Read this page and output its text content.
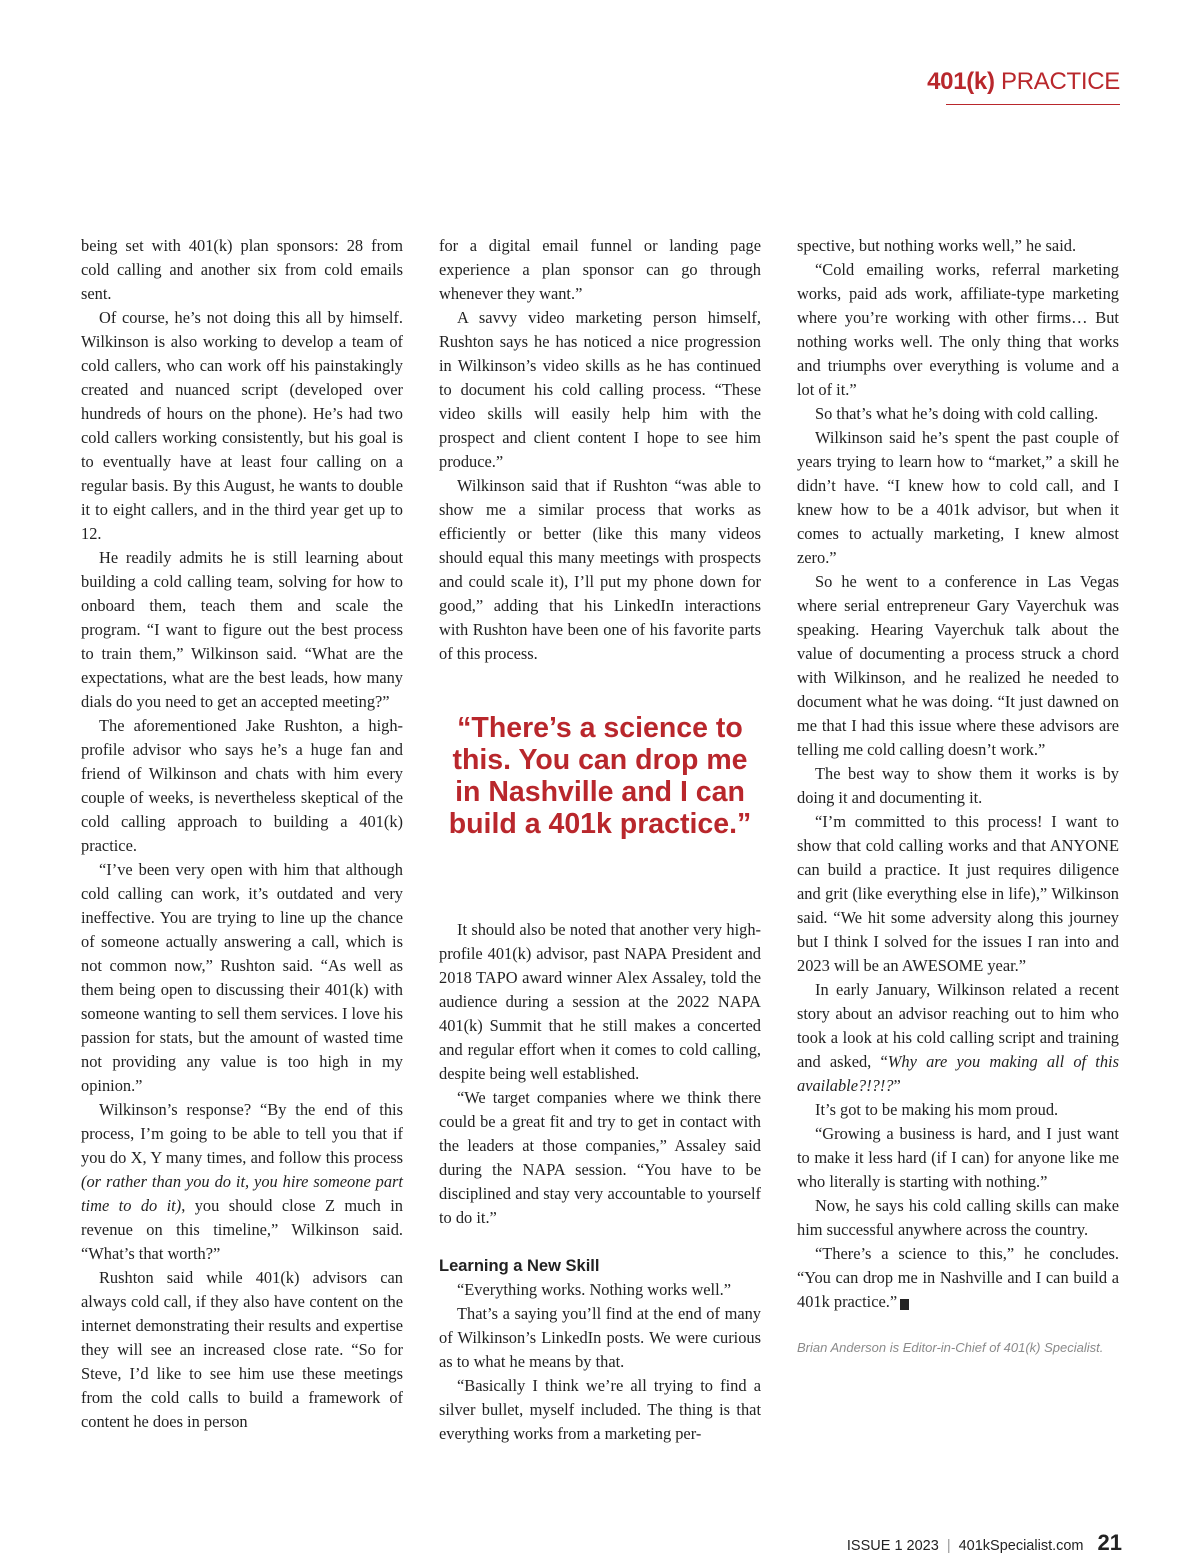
401(k) PRACTICE

being set with 401(k) plan sponsors: 28 from cold calling and another six from cold emails sent.

Of course, he’s not doing this all by himself. Wilkinson is also working to develop a team of cold callers, who can work off his painstakingly created and nuanced script (developed over hundreds of hours on the phone). He’s had two cold callers working consistently, but his goal is to eventually have at least four calling on a regular basis. By this August, he wants to double it to eight callers, and in the third year get up to 12.

He readily admits he is still learning about building a cold calling team, solving for how to onboard them, teach them and scale the program. “I want to figure out the best process to train them,” Wilkinson said. “What are the expectations, what are the best leads, how many dials do you need to get an accepted meeting?”

The aforementioned Jake Rushton, a high-profile advisor who says he’s a huge fan and friend of Wilkinson and chats with him every couple of weeks, is nevertheless skeptical of the cold calling approach to building a 401(k) practice.

“I’ve been very open with him that although cold calling can work, it’s outdated and very ineffective. You are trying to line up the chance of someone actually answering a call, which is not common now,” Rushton said. “As well as them being open to discussing their 401(k) with someone wanting to sell them services. I love his passion for stats, but the amount of wasted time not providing any value is too high in my opinion.”

Wilkinson’s response? “By the end of this process, I’m going to be able to tell you that if you do X, Y many times, and follow this process (or rather than you do it, you hire someone part time to do it), you should close Z much in revenue on this timeline,” Wilkinson said. “What’s that worth?”

Rushton said while 401(k) advisors can always cold call, if they also have content on the internet demonstrating their results and expertise they will see an increased close rate. “So for Steve, I’d like to see him use these meetings from the cold calls to build a framework of content he does in person

for a digital email funnel or landing page experience a plan sponsor can go through whenever they want.”

A savvy video marketing person himself, Rushton says he has noticed a nice progression in Wilkinson’s video skills as he has continued to document his cold calling process. “These video skills will easily help him with the prospect and client content I hope to see him produce.”

Wilkinson said that if Rushton “was able to show me a similar process that works as efficiently or better (like this many videos should equal this many meetings with prospects and could scale it), I’ll put my phone down for good,” adding that his LinkedIn interactions with Rushton have been one of his favorite parts of this process.

“There’s a science to this. You can drop me in Nashville and I can build a 401k practice.”

It should also be noted that another very high-profile 401(k) advisor, past NAPA President and 2018 TAPO award winner Alex Assaley, told the audience during a session at the 2022 NAPA 401(k) Summit that he still makes a concerted and regular effort when it comes to cold calling, despite being well established.

“We target companies where we think there could be a great fit and try to get in contact with the leaders at those companies,” Assaley said during the NAPA session. “You have to be disciplined and stay very accountable to yourself to do it.”

Learning a New Skill

“Everything works. Nothing works well.”

That’s a saying you’ll find at the end of many of Wilkinson’s LinkedIn posts. We were curious as to what he means by that.

“Basically I think we’re all trying to find a silver bullet, myself included. The thing is that everything works from a marketing per-

spective, but nothing works well,” he said.

“Cold emailing works, referral marketing works, paid ads work, affiliate-type marketing where you’re working with other firms… But nothing works well. The only thing that works and triumphs over everything is volume and a lot of it.”

So that’s what he’s doing with cold calling.

Wilkinson said he’s spent the past couple of years trying to learn how to “market,” a skill he didn’t have. “I knew how to cold call, and I knew how to be a 401k advisor, but when it comes to actually marketing, I knew almost zero.”

So he went to a conference in Las Vegas where serial entrepreneur Gary Vayerchuk was speaking. Hearing Vayerchuk talk about the value of documenting a process struck a chord with Wilkinson, and he realized he needed to document what he was doing. “It just dawned on me that I had this issue where these advisors are telling me cold calling doesn’t work.”

The best way to show them it works is by doing it and documenting it.

“I’m committed to this process! I want to show that cold calling works and that ANYONE can build a practice. It just requires diligence and grit (like everything else in life),” Wilkinson said. “We hit some adversity along this journey but I think I solved for the issues I ran into and 2023 will be an AWESOME year.”

In early January, Wilkinson related a recent story about an advisor reaching out to him who took a look at his cold calling script and training and asked, “Why are you making all of this available?!?!?”

It’s got to be making his mom proud.

“Growing a business is hard, and I just want to make it less hard (if I can) for anyone like me who literally is starting with nothing.”

Now, he says his cold calling skills can make him successful anywhere across the country.

“There’s a science to this,” he concludes. “You can drop me in Nashville and I can build a 401k practice.”	K

Brian Anderson is Editor-in-Chief of 401(k) Specialist.
ISSUE 1 2023 | 401kSpecialist.com 21
